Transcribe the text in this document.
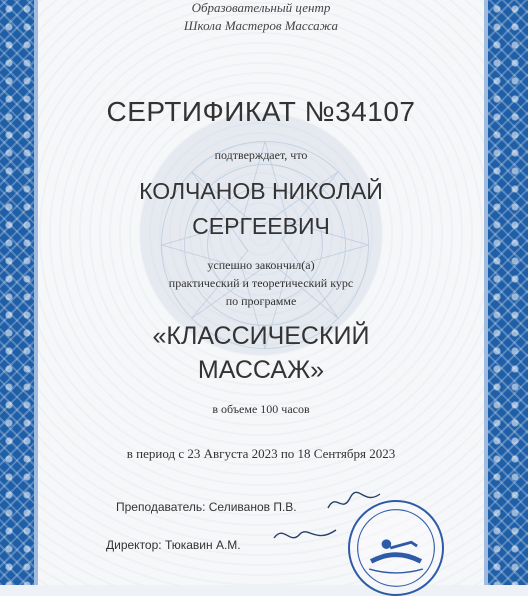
Образовательный центр
Школа Мастеров Массажа
СЕРТИФИКАТ №34107
подтверждает, что
КОЛЧАНОВ НИКОЛАЙ
СЕРГЕЕВИЧ
успешно закончил(а)
практический и теоретический курс
по программе
«КЛАССИЧЕСКИЙ
МАССАЖ»
в объеме 100 часов
в период с 23 Августа 2023 по 18 Сентября 2023
Преподаватель: Селиванов П.В.
Директор: Тюкавин А.М.
